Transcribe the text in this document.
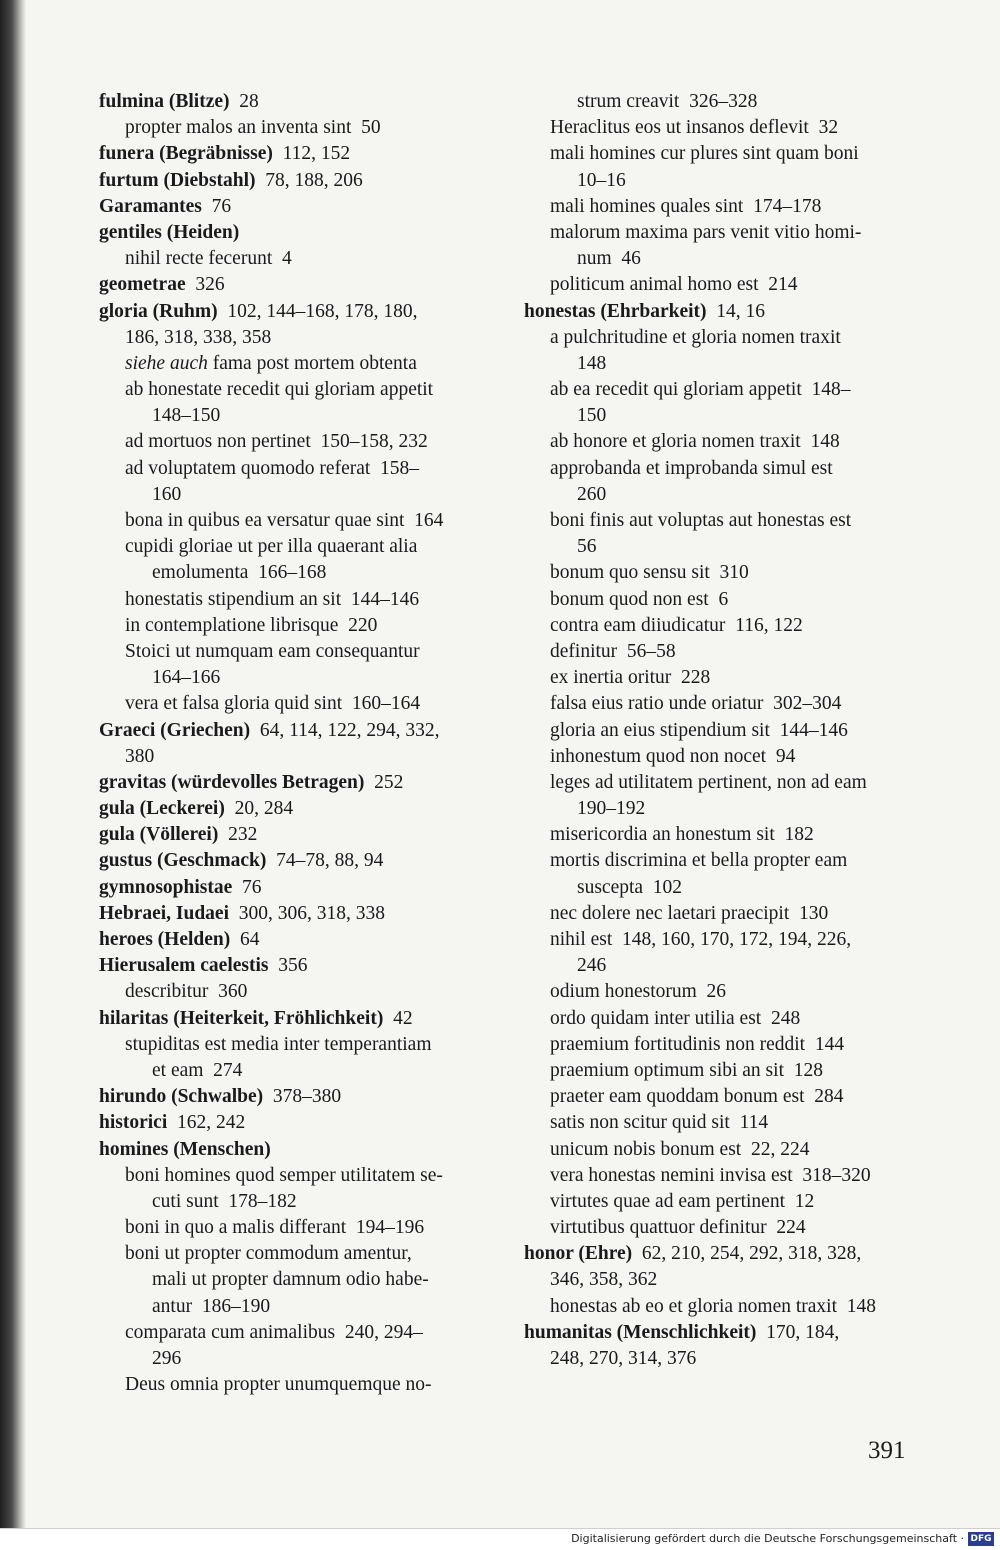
fulmina (Blitze)  28
propter malos an inventa sint  50
funera (Begräbnisse)  112, 152
furtum (Diebstahl)  78, 188, 206
Garamantes  76
gentiles (Heiden)
nihil recte fecerunt  4
geometrae  326
gloria (Ruhm)  102, 144–168, 178, 180,
186, 318, 338, 358
siehe auch fama post mortem obtenta
ab honestate recedit qui gloriam appetit
148–150
ad mortuos non pertinet  150–158, 232
ad voluptatem quomodo referat  158–
160
bona in quibus ea versatur quae sint  164
cupidi gloriae ut per illa quaerant alia
emolumenta  166–168
honestatis stipendium an sit  144–146
in contemplatione librisque  220
Stoici ut numquam eam consequantur
164–166
vera et falsa gloria quid sint  160–164
Graeci (Griechen)  64, 114, 122, 294, 332,
380
gravitas (würdevolles Betragen)  252
gula (Leckerei)  20, 284
gula (Völlerei)  232
gustus (Geschmack)  74–78, 88, 94
gymnosophistae  76
Hebraei, Iudaei  300, 306, 318, 338
heroes (Helden)  64
Hierusalem caelestis  356
describitur  360
hilaritas (Heiterkeit, Fröhlichkeit)  42
stupiditas est media inter temperantiam
et eam  274
hirundo (Schwalbe)  378–380
historici  162, 242
homines (Menschen)
boni homines quod semper utilitatem se-
cuti sunt  178–182
boni in quo a malis differant  194–196
boni ut propter commodum amentur,
mali ut propter damnum odio habe-
antur  186–190
comparata cum animalibus  240, 294–
296
Deus omnia propter unumquemque no-
strum creavit  326–328
Heraclitus eos ut insanos deflevit  32
mali homines cur plures sint quam boni
10–16
mali homines quales sint  174–178
malorum maxima pars venit vitio homi-
num  46
politicum animal homo est  214
honestas (Ehrbarkeit)  14, 16
a pulchritudine et gloria nomen traxit
148
ab ea recedit qui gloriam appetit  148–
150
ab honore et gloria nomen traxit  148
approbanda et improbanda simul est
260
boni finis aut voluptas aut honestas est
56
bonum quo sensu sit  310
bonum quod non est  6
contra eam diiudicatur  116, 122
definitur  56–58
ex inertia oritur  228
falsa eius ratio unde oriatur  302–304
gloria an eius stipendium sit  144–146
inhonestum quod non nocet  94
leges ad utilitatem pertinent, non ad eam
190–192
misericordia an honestum sit  182
mortis discrimina et bella propter eam
suscepta  102
nec dolere nec laetari praecipit  130
nihil est  148, 160, 170, 172, 194, 226,
246
odium honestorum  26
ordo quidam inter utilia est  248
praemium fortitudinis non reddit  144
praemium optimum sibi an sit  128
praeter eam quoddam bonum est  284
satis non scitur quid sit  114
unicum nobis bonum est  22, 224
vera honestas nemini invisa est  318–320
virtutes quae ad eam pertinent  12
virtutibus quattuor definitur  224
honor (Ehre)  62, 210, 254, 292, 318, 328,
346, 358, 362
honestas ab eo et gloria nomen traxit  148
humanitas (Menschlichkeit)  170, 184,
248, 270, 314, 376
391
Digitalisierung gefördert durch die Deutsche Forschungsgemeinschaft · DFG
